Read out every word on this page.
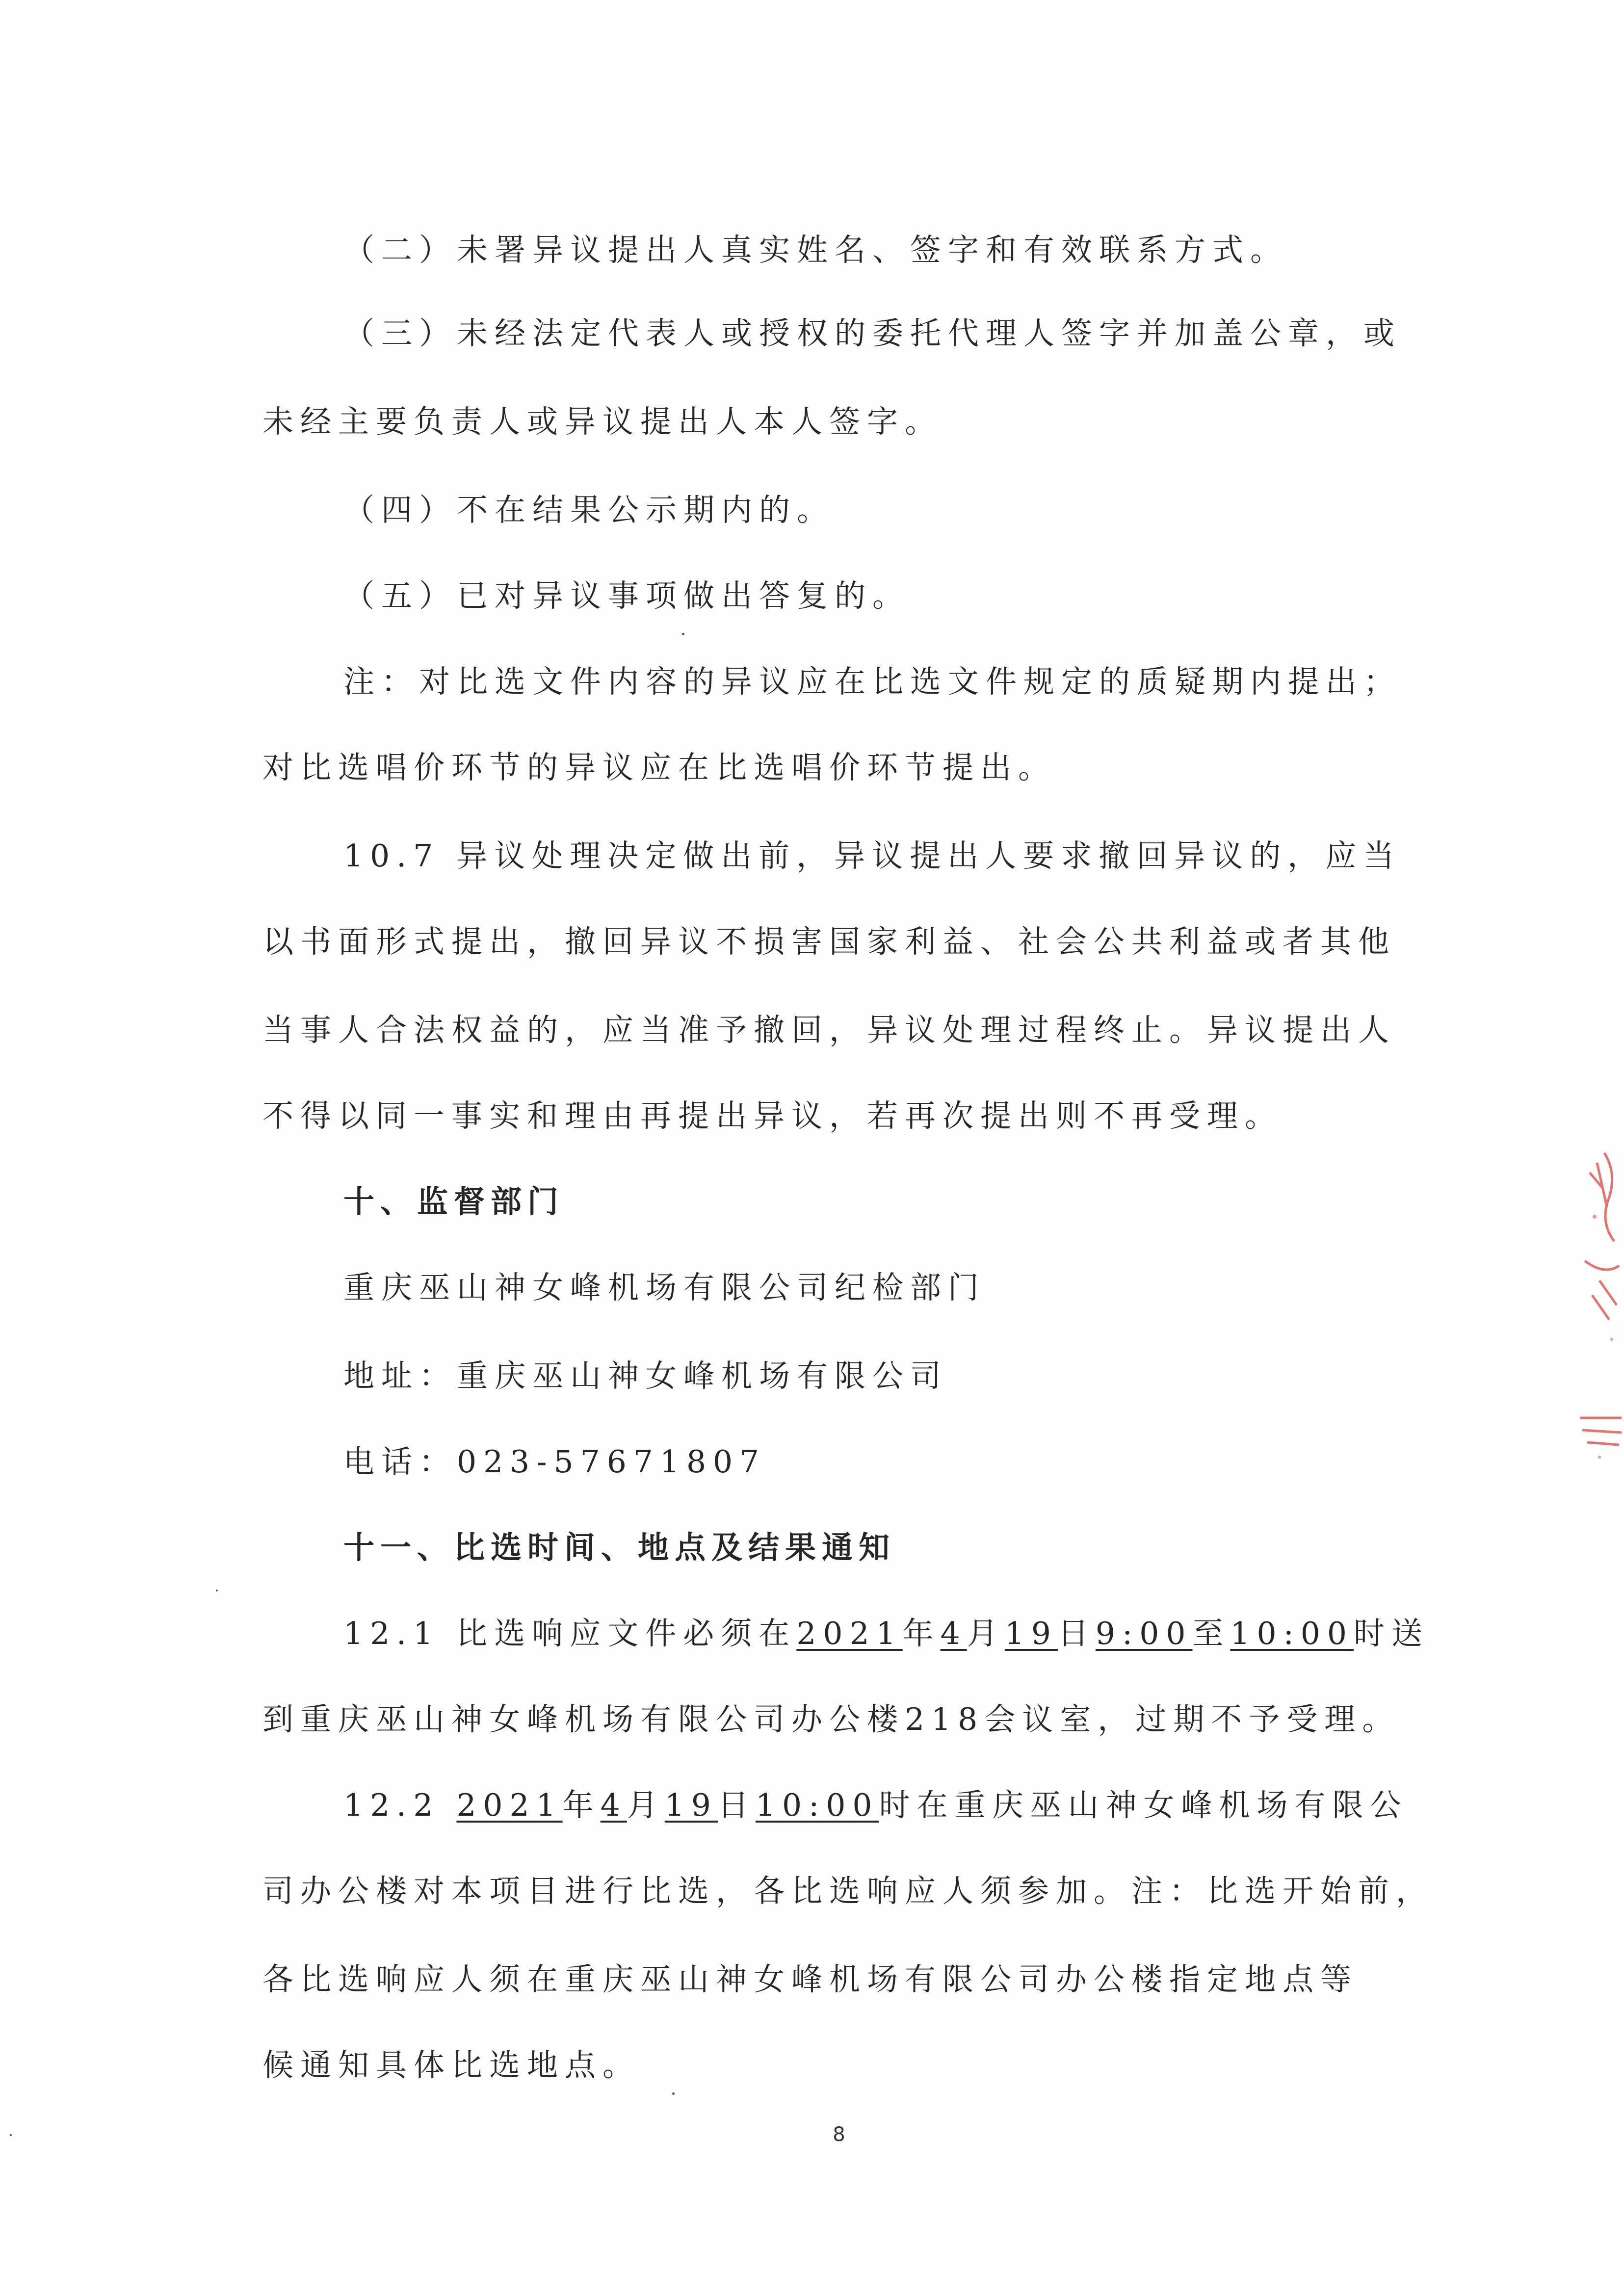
（二）未署异议提出人真实姓名、签字和有效联系方式。
（三）未经法定代表人或授权的委托代理人签字并加盖公章，或
未经主要负责人或异议提出人本人签字。
（四）不在结果公示期内的。
（五）已对异议事项做出答复的。
注：对比选文件内容的异议应在比选文件规定的质疑期内提出；
对比选唱价环节的异议应在比选唱价环节提出。
10.7 异议处理决定做出前，异议提出人要求撤回异议的，应当
以书面形式提出，撤回异议不损害国家利益、社会公共利益或者其他
当事人合法权益的，应当准予撤回，异议处理过程终止。异议提出人
不得以同一事实和理由再提出异议，若再次提出则不再受理。
十、监督部门
重庆巫山神女峰机场有限公司纪检部门
地址：重庆巫山神女峰机场有限公司
电话：023-57671807
十一、比选时间、地点及结果通知
12.1 比选响应文件必须在2021年4月19日9:00至10:00时送
到重庆巫山神女峰机场有限公司办公楼218会议室，过期不予受理。
12.2 2021年4月19日10:00时在重庆巫山神女峰机场有限公
司办公楼对本项目进行比选，各比选响应人须参加。注：比选开始前，
各比选响应人须在重庆巫山神女峰机场有限公司办公楼指定地点等
候通知具体比选地点。
8
